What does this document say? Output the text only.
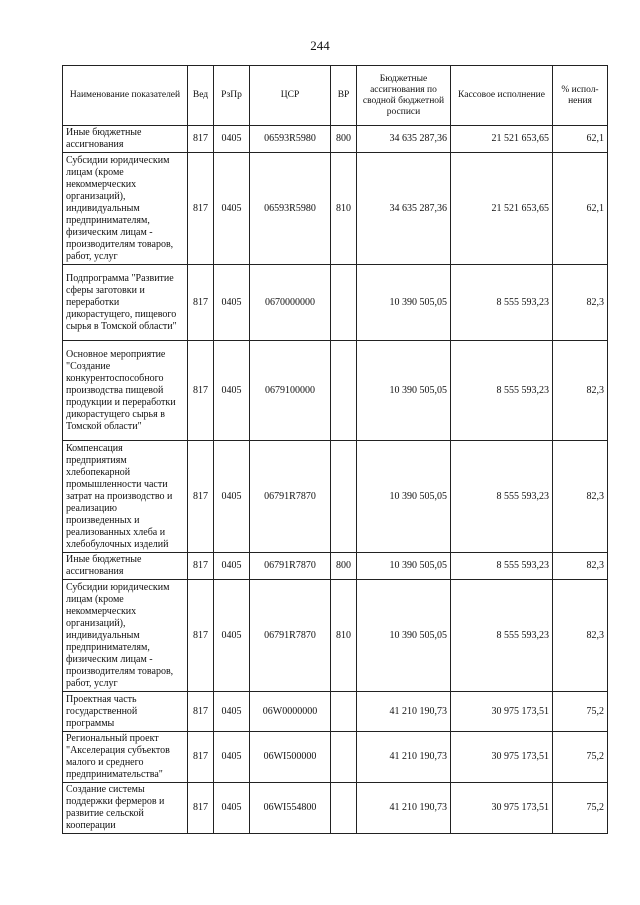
244
Наименование показателей	Вед	РзПр	ЦСР	ВР	Бюджетные ассигнования по сводной бюджетной росписи	Кассовое исполнение	% испол-нения
Иные бюджетные ассигнования	817	0405	06593R5980	800	34 635 287,36	21 521 653,65	62,1
Субсидии юридическим лицам (кроме некоммерческих организаций), индивидуальным предпринимателям, физическим лицам - производителям товаров, работ, услуг	817	0405	06593R5980	810	34 635 287,36	21 521 653,65	62,1
Подпрограмма "Развитие сферы заготовки и переработки дикорастущего, пищевого сырья в Томской области"	817	0405	0670000000		10 390 505,05	8 555 593,23	82,3
Основное мероприятие "Создание конкурентоспособного производства пищевой продукции и переработки дикорастущего сырья в Томской области"	817	0405	0679100000		10 390 505,05	8 555 593,23	82,3
Компенсация предприятиям хлебопекарной промышленности части затрат на производство и реализацию произведенных и реализованных хлеба и хлебобулочных изделий	817	0405	06791R7870		10 390 505,05	8 555 593,23	82,3
Иные бюджетные ассигнования	817	0405	06791R7870	800	10 390 505,05	8 555 593,23	82,3
Субсидии юридическим лицам (кроме некоммерческих организаций), индивидуальным предпринимателям, физическим лицам - производителям товаров, работ, услуг	817	0405	06791R7870	810	10 390 505,05	8 555 593,23	82,3
Проектная часть государственной программы	817	0405	06W0000000		41 210 190,73	30 975 173,51	75,2
Региональный проект "Акселерация субъектов малого и среднего предпринимательства"	817	0405	06WI500000		41 210 190,73	30 975 173,51	75,2
Создание системы поддержки фермеров и развитие сельской кооперации	817	0405	06WI554800		41 210 190,73	30 975 173,51	75,2
